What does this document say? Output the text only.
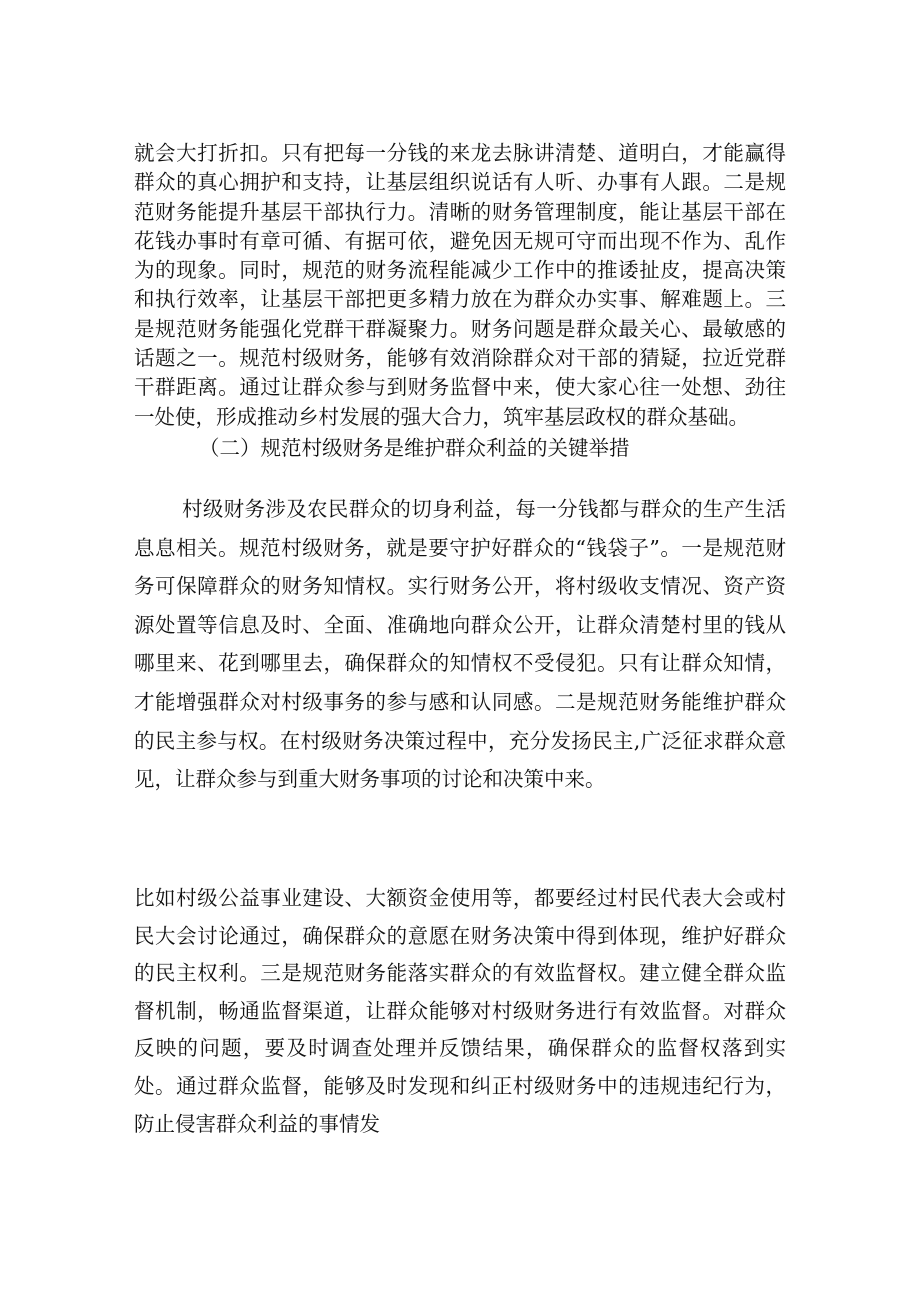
就会大打折扣。只有把每一分钱的来龙去脉讲清楚、道明白，才能赢得群众的真心拥护和支持，让基层组织说话有人听、办事有人跟。二是规范财务能提升基层干部执行力。清晰的财务管理制度，能让基层干部在花钱办事时有章可循、有据可依，避免因无规可守而出现不作为、乱作为的现象。同时，规范的财务流程能减少工作中的推诿扯皮，提高决策和执行效率，让基层干部把更多精力放在为群众办实事、解难题上。三是规范财务能强化党群干群凝聚力。财务问题是群众最关心、最敏感的话题之一。规范村级财务，能够有效消除群众对干部的猜疑，拉近党群干群距离。通过让群众参与到财务监督中来，使大家心往一处想、劲往一处使，形成推动乡村发展的强大合力，筑牢基层政权的群众基础。

（二）规范村级财务是维护群众利益的关键举措

村级财务涉及农民群众的切身利益，每一分钱都与群众的生产生活息息相关。规范村级财务，就是要守护好群众的“钱袋子”。一是规范财务可保障群众的财务知情权。实行财务公开，将村级收支情况、资产资源处置等信息及时、全面、准确地向群众公开，让群众清楚村里的钱从哪里来、花到哪里去，确保群众的知情权不受侵犯。只有让群众知情，才能增强群众对村级事务的参与感和认同感。二是规范财务能维护群众的民主参与权。在村级财务决策过程中，充分发扬民主,广泛征求群众意见，让群众参与到重大财务事项的讨论和决策中来。

比如村级公益事业建设、大额资金使用等，都要经过村民代表大会或村民大会讨论通过，确保群众的意愿在财务决策中得到体现，维护好群众的民主权利。三是规范财务能落实群众的有效监督权。建立健全群众监督机制，畅通监督渠道，让群众能够对村级财务进行有效监督。对群众反映的问题，要及时调查处理并反馈结果，确保群众的监督权落到实处。通过群众监督，能够及时发现和纠正村级财务中的违规违纪行为，防止侵害群众利益的事情发
